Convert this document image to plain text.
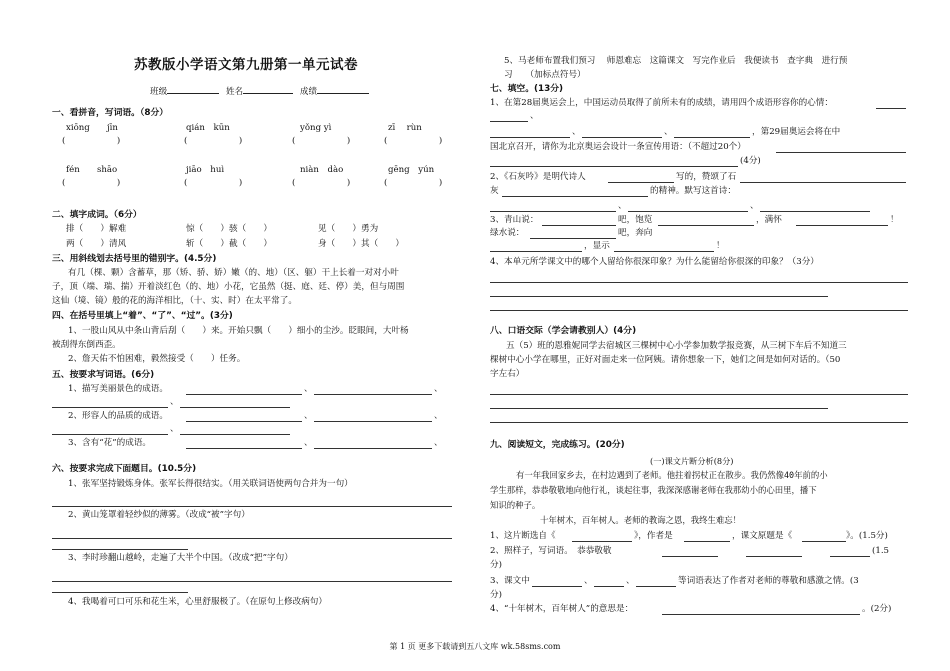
苏教版小学语文第九册第一单元试卷
班级	姓名	成绩
一、看拼音，写词语。（8分）
xiōng　　jīn	qián　kūn	yǒng yì	zī　 rùn
(　　　　　　)	(　　　　　　)	(　　　　　　)	(　　　　　　)
fén　　shāo	jiāo　huì	niàn　dào	gēng　yún
(　　　　　　)	(　　　　　　)	(　　　　　　)	(　　　　　　)
二、填字成词。（6分）
排（　　）解难	惊（　　）骇（　　）	见（　　）勇为
两（　　）清风	斩（　　）截（　　）	身（　　）其（　　）
三、用斜线划去括号里的错别字。(4.5分)
有几（棵、颗）含蓄草，那（矫、骄、娇）嫩（的、地）（区、躯）干上长着一对对小叶
子，顶（端、瑞、揣）开着淡红色（的、地）小花，它虽然（挺、庭、廷、停）美，但与周围
这仙（境、镜）般的花的海洋相比，（十、实、时）在太平常了。
四、在括号里填上“着”、“了”、“过”。(3分)
1、一股山风从中条山背后刮（　　）来。开始只飘（　　）细小的尘沙。眨眼间，大叶杨
被刮得东倒西歪。
2、詹天佑不怕困难，毅然接受（　　）任务。
五、按要求写词语。(6分)
1、描写美丽景色的成语。	、	、
、
2、形容人的品质的成语。	、	、
、
3、含有“花”的成语。	、	、
六、按要求完成下面题目。(10.5分)
1、张军坚持锻炼身体。张军长得很结实。（用关联词语使两句合并为一句）
2、黄山笼罩着轻纱似的薄雾。（改成“被”字句）
3、李时珍翻山越岭，走遍了大半个中国。（改成“把”字句）
4、我喝着可口可乐和花生米，心里舒服极了。（在原句上修改病句）
5、马老师布置我们预习　 师恩难忘　这篇课文　写完作业后　我便读书　查字典　进行预
习　　（加标点符号）
七、填空。(13分)
1、在第28届奥运会上，中国运动员取得了前所未有的成绩，请用四个成语形容你的心情：
、
、	、	，第29届奥运会将在中
国北京召开，请你为北京奥运会设计一条宣传用语：（不超过20个）
(4分)
2、《石灰吟》是明代诗人	写的，赞颂了石
灰	的精神。默写这首诗：
、	、
3、青山说：	吧，饱览	，满怀	！
绿水说：	吧，奔向
，显示	！
4、本单元所学课文中的哪个人留给你很深印象？为什么能留给你很深的印象？（3分）
八、口语交际（学会请教别人）(4分)
五（5）班的恩雅妮同学去宿城区三棵树中心小学参加数学报竞赛，从三树下车后不知道三
棵树中心小学在哪里，正好对面走来一位阿姨。请你想象一下，她们之间是如何对话的。（50
字左右）
九、阅读短文，完成练习。(20分)
(一)课文片断分析(8分)
有一年我回家乡去，在村边遇到了老师。他拄着拐杖正在散步。我仍然像40年前的小
学生那样，恭恭敬敬地向他行礼，谈起往事，我深深感谢老师在我那幼小的心田里，播下
知识的种子。
十年树木，百年树人。老师的教诲之恩，我终生难忘！
1、这片断选自《	》，作者是	，课文原题是《	》。(1.5分)
2、照样子，写词语。　恭恭敬敬	(1.5
分)
3、课文中	、	、	等词语表达了作者对老师的尊敬和感激之情。(3
分)
4、“十年树木，百年树人”的意思是：	。(2分)
第 1 页 更多下载请到五八文库 wk.58sms.com
